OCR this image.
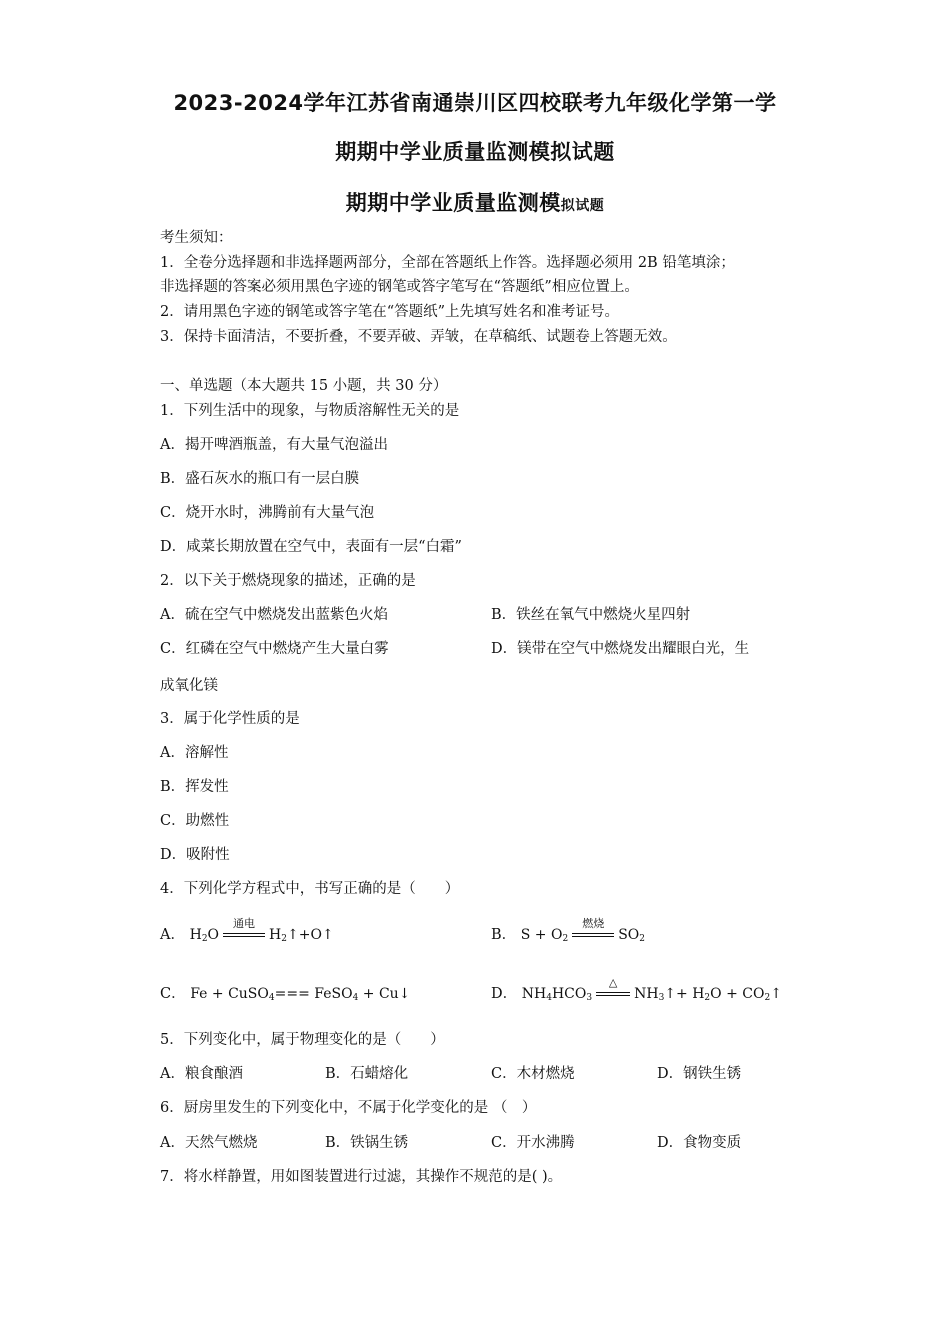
2023-2024学年江苏省南通崇川区四校联考九年级化学第一学
期期中学业质量监测模拟试题
期期中学业质量监测模拟试题
考生须知：
1．全卷分选择题和非选择题两部分，全部在答题纸上作答。选择题必须用 2B 铅笔填涂；
非选择题的答案必须用黑色字迹的钢笔或答字笔写在“答题纸”相应位置上。
2．请用黑色字迹的钢笔或答字笔在“答题纸”上先填写姓名和准考证号。
3．保持卡面清洁，不要折叠，不要弄破、弄皱，在草稿纸、试题卷上答题无效。
一、单选题（本大题共 15 小题，共 30 分）
1．下列生活中的现象，与物质溶解性无关的是
A．揭开啤酒瓶盖，有大量气泡溢出
B．盛石灰水的瓶口有一层白膜
C．烧开水时，沸腾前有大量气泡
D．咸菜长期放置在空气中，表面有一层“白霜”
2．以下关于燃烧现象的描述，正确的是
A．硫在空气中燃烧发出蓝紫色火焰	B．铁丝在氧气中燃烧火星四射
C．红磷在空气中燃烧产生大量白雾	D．镁带在空气中燃烧发出耀眼白光，生
成氧化镁
3．属于化学性质的是
A．溶解性
B．挥发性
C．助燃性
D．吸附性
4．下列化学方程式中，书写正确的是（　　）
A． $H_2O$
通电
$H_2↑+O↑$	B． $S + O_2$
燃烧
$SO_2$
C． Fe + CuSO$_4$=== FeSO$_4$ + Cu↓	D． $NH_4HCO_3$
△
$NH_3↑+ H_2O$ + $CO_2↑$
5．下列变化中，属于物理变化的是（　　）
A．粮食酿酒	B．石蜡熔化	C．木材燃烧	D．钢铁生锈
6．厨房里发生的下列变化中，不属于化学变化的是 （　）
A．天然气燃烧	B．铁锅生锈	C．开水沸腾	D．食物变质
7．将水样静置，用如图装置进行过滤，其操作不规范的是( )。
